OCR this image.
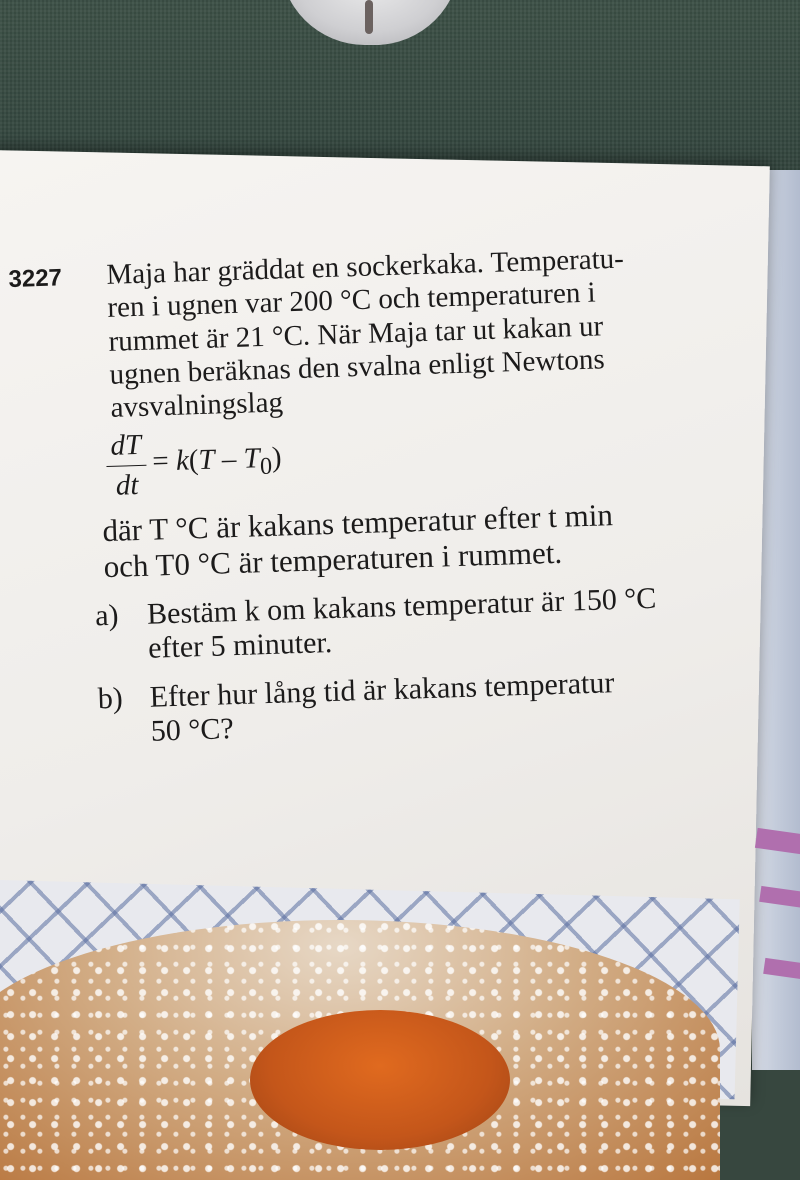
3227 Maja har gräddat en sockerkaka. Temperatu-
ren i ugnen var 200 °C och temperaturen i
rummet är 21 °C. När Maja tar ut kakan ur
ugnen beräknas den svalna enligt Newtons
avsvalningslag
$\frac{dT}{dt} = k(T - T_0)$
där T °C är kakans temperatur efter t min
och T0 °C är temperaturen i rummet.
a) Bestäm k om kakans temperatur är 150 °C
efter 5 minuter.
b) Efter hur lång tid är kakans temperatur
50 °C?
